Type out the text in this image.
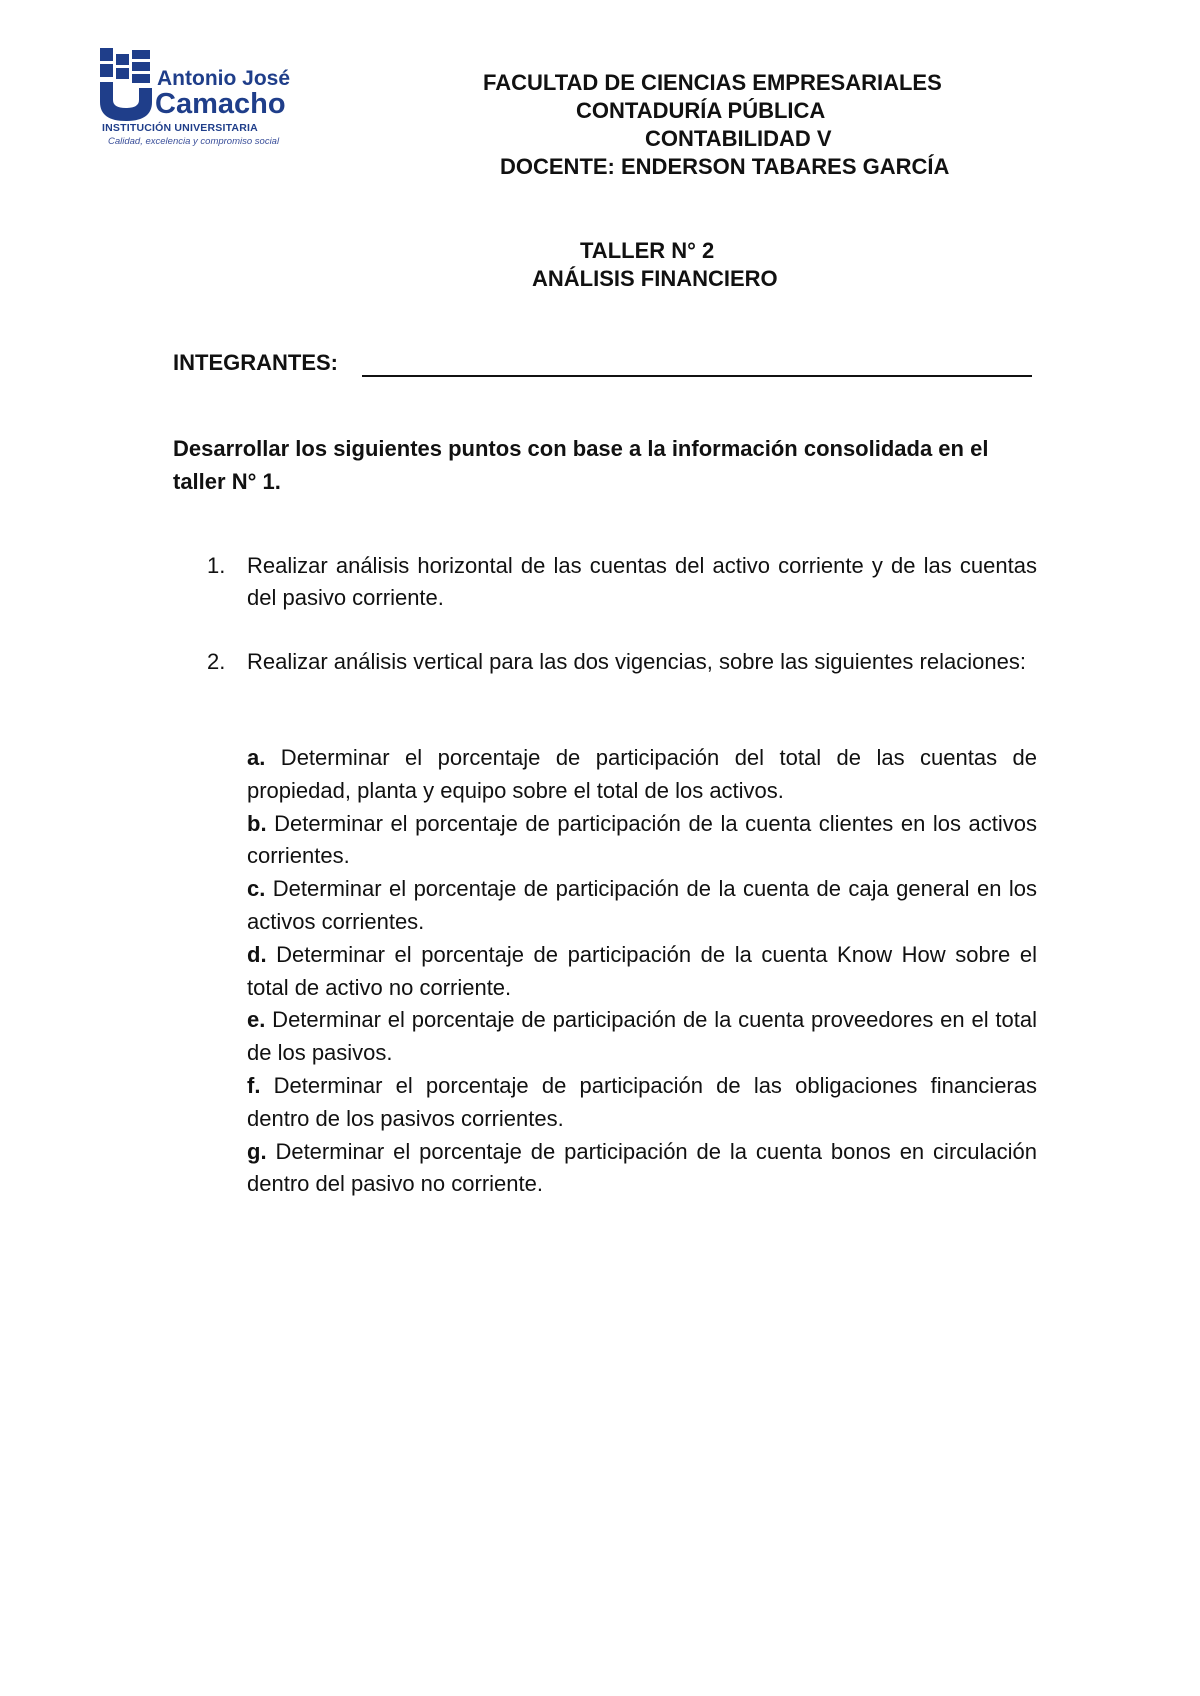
Antonio José
Camacho
INSTITUCIÓN UNIVERSITARIA
Calidad, excelencia y compromiso social
FACULTAD DE CIENCIAS EMPRESARIALES
CONTADURÍA PÚBLICA
CONTABILIDAD V
DOCENTE: ENDERSON TABARES GARCÍA
TALLER N° 2
ANÁLISIS FINANCIERO
INTEGRANTES:
Desarrollar los siguientes puntos con base a la información consolidada en el taller N° 1.
1. Realizar análisis horizontal de las cuentas del activo corriente y de las cuentas del pasivo corriente.
2. Realizar análisis vertical para las dos vigencias, sobre las siguientes relaciones:

a. Determinar el porcentaje de participación del total de las cuentas de propiedad, planta y equipo sobre el total de los activos.

b. Determinar el porcentaje de participación de la cuenta clientes en los activos corrientes.

c. Determinar el porcentaje de participación de la cuenta de caja general en los activos corrientes.

d. Determinar el porcentaje de participación de la cuenta Know How sobre el total de activo no corriente.

e. Determinar el porcentaje de participación de la cuenta proveedores en el total de los pasivos.

f. Determinar el porcentaje de participación de las obligaciones financieras dentro de los pasivos corrientes.

g. Determinar el porcentaje de participación de la cuenta bonos en circulación dentro del pasivo no corriente.
